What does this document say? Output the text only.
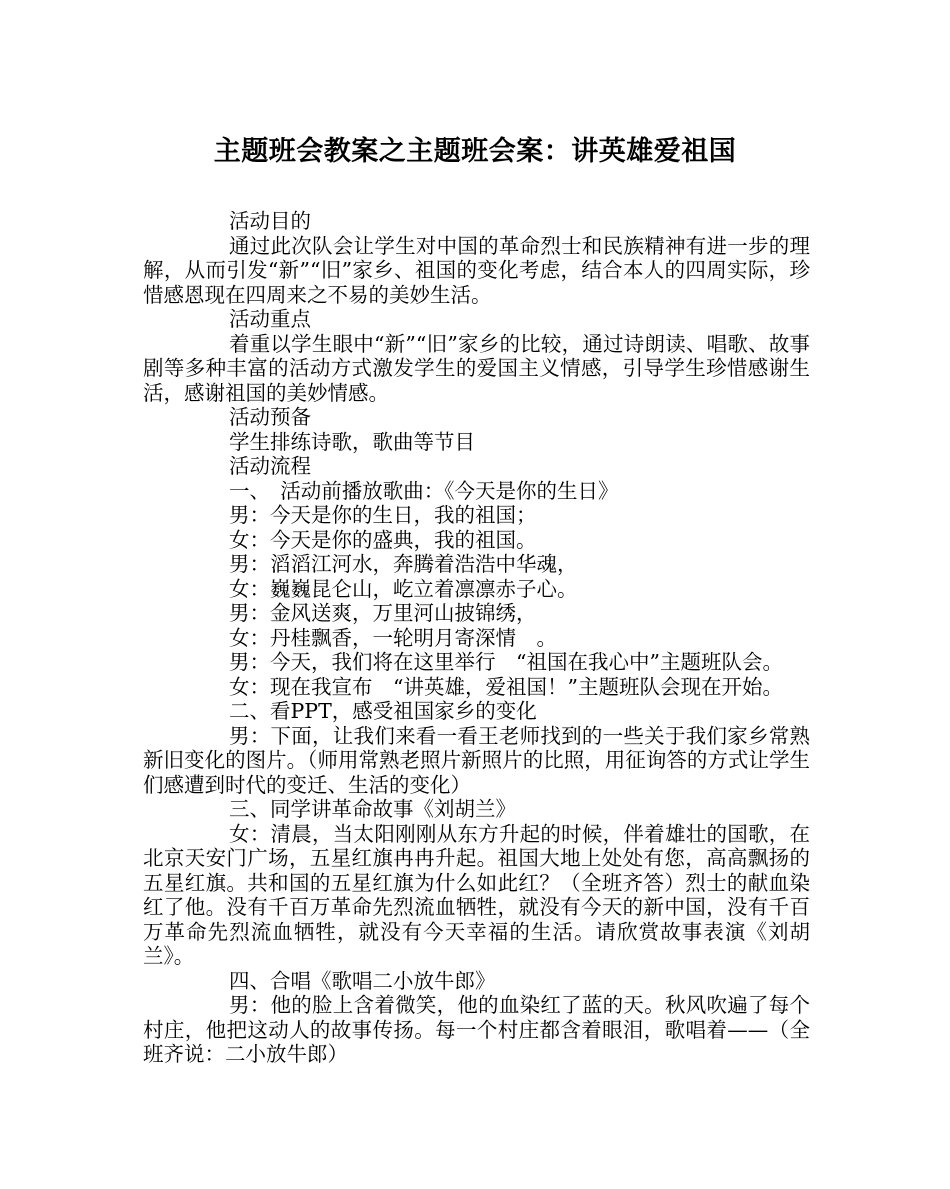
主题班会教案之主题班会案：讲英雄爱祖国

活动目的

通过此次队会让学生对中国的革命烈士和民族精神有进一步的理解，从而引发“新”“旧”家乡、祖国的变化考虑，结合本人的四周实际，珍惜感恩现在四周来之不易的美妙生活。

活动重点

着重以学生眼中“新”“旧”家乡的比较，通过诗朗读、唱歌、故事剧等多种丰富的活动方式激发学生的爱国主义情感，引导学生珍惜感谢生活，感谢祖国的美妙情感。

活动预备

学生排练诗歌，歌曲等节目

活动流程

一、　活动前播放歌曲：《今天是你的生日》

男：今天是你的生日，我的祖国；

女：今天是你的盛典，我的祖国。

男：滔滔江河水，奔腾着浩浩中华魂，

女：巍巍昆仑山，屹立着凛凛赤子心。

男：金风送爽，万里河山披锦绣，

女：丹桂飘香，一轮明月寄深情　。

男：今天，我们将在这里举行　“祖国在我心中”主题班队会。

女：现在我宣布　“讲英雄，爱祖国！”主题班队会现在开始。

二、看PPT，感受祖国家乡的变化

男：下面，让我们来看一看王老师找到的一些关于我们家乡常熟新旧变化的图片。（师用常熟老照片新照片的比照，用征询答的方式让学生们感遭到时代的变迁、生活的变化）

三、同学讲革命故事《刘胡兰》

女：清晨，当太阳刚刚从东方升起的时候，伴着雄壮的国歌，在北京天安门广场，五星红旗冉冉升起。祖国大地上处处有您，高高飘扬的五星红旗。共和国的五星红旗为什么如此红？（全班齐答）烈士的献血染红了他。没有千百万革命先烈流血牺牲，就没有今天的新中国，没有千百万革命先烈流血牺牲，就没有今天幸福的生活。请欣赏故事表演《刘胡兰》。

四、合唱《歌唱二小放牛郎》

男：他的脸上含着微笑，他的血染红了蓝的天。秋风吹遍了每个村庄，他把这动人的故事传扬。每一个村庄都含着眼泪，歌唱着——（全班齐说：二小放牛郎）
